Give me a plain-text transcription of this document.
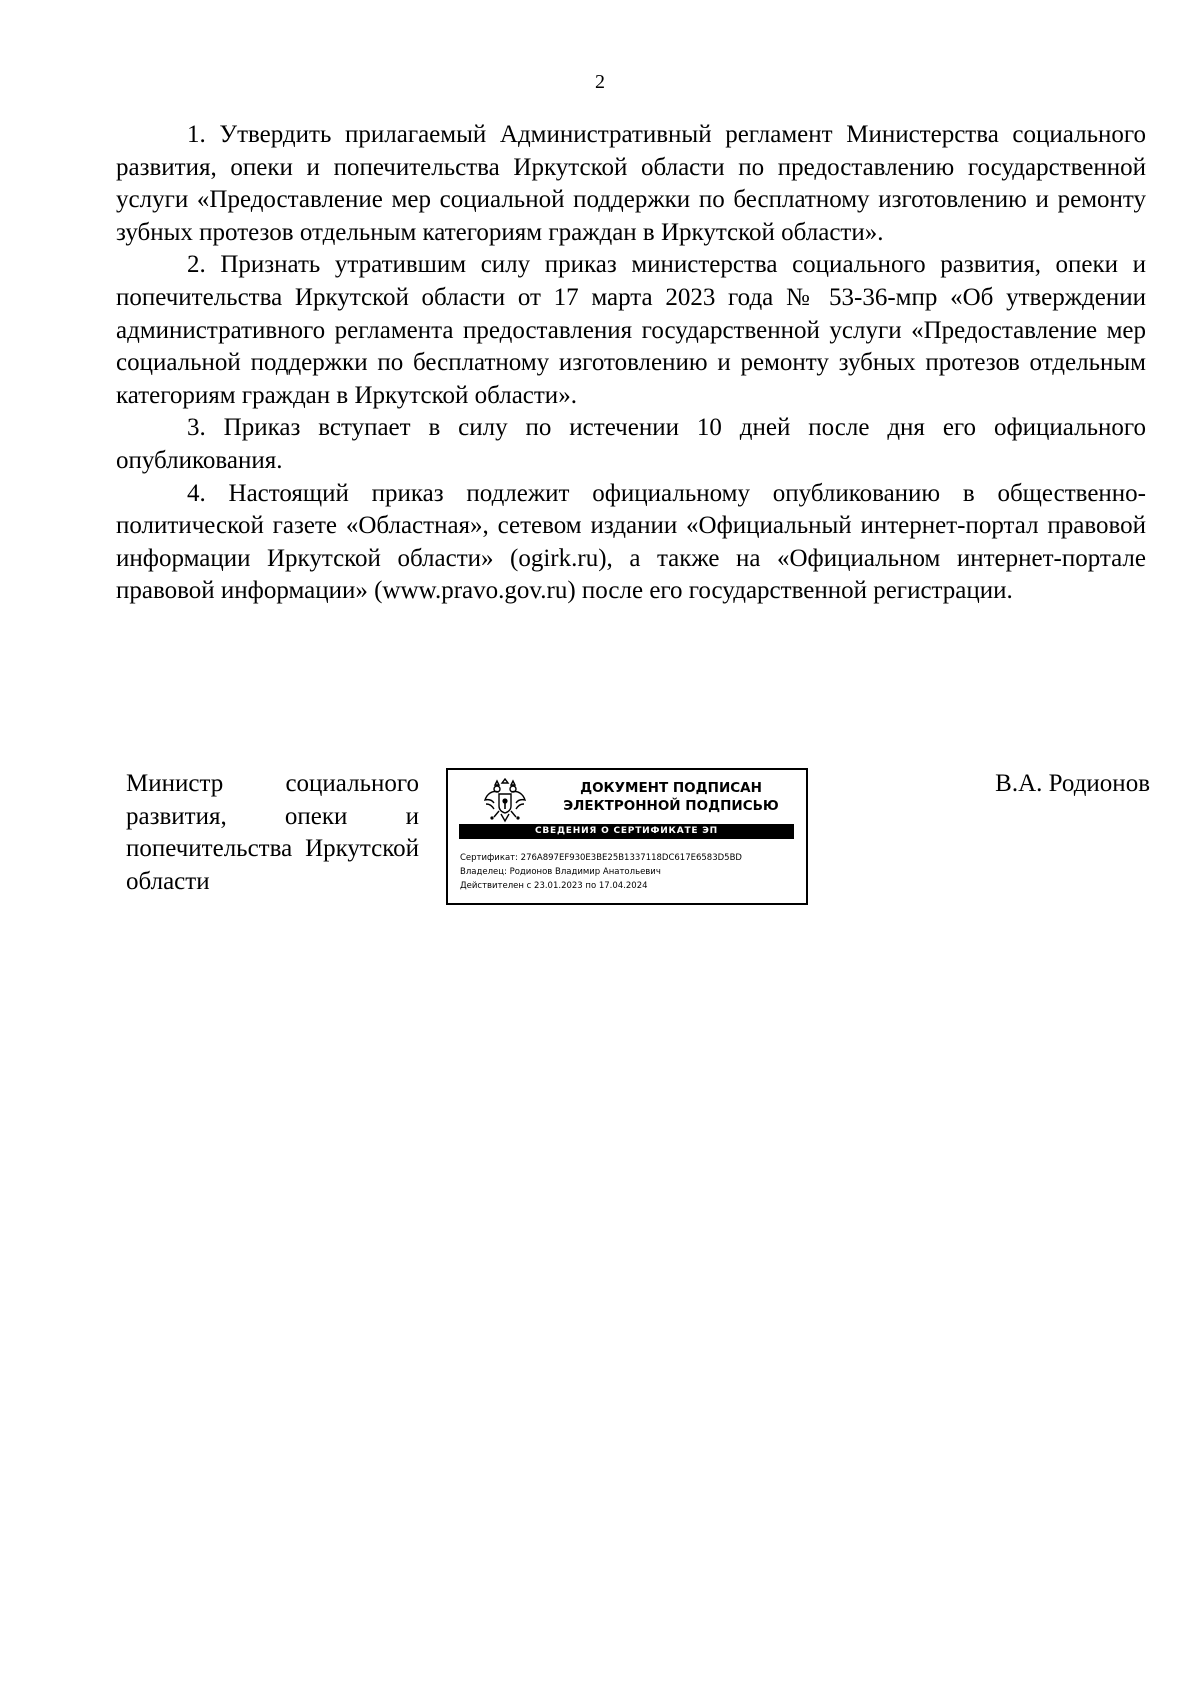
2

1. Утвердить прилагаемый Административный регламент Министерства социального развития, опеки и попечительства Иркутской области по предоставлению государственной услуги «Предоставление мер социальной поддержки по бесплатному изготовлению и ремонту зубных протезов отдельным категориям граждан в Иркутской области».

2. Признать утратившим силу приказ министерства социального развития, опеки и попечительства Иркутской области от 17 марта 2023 года № 53-36-мпр «Об утверждении административного регламента предоставления государственной услуги «Предоставление мер социальной поддержки по бесплатному изготовлению и ремонту зубных протезов отдельным категориям граждан в Иркутской области».

3. Приказ вступает в силу по истечении 10 дней после дня его официального опубликования.

4. Настоящий приказ подлежит официальному опубликованию в общественно-политической газете «Областная», сетевом издании «Официальный интернет-портал правовой информации Иркутской области» (ogirk.ru), а также на «Официальном интернет-портале правовой информации» (www.pravo.gov.ru) после его государственной регистрации.

Министр социального развития, опеки и попечительства Иркутской области
ДОКУМЕНТ ПОДПИСАН
ЭЛЕКТРОННОЙ ПОДПИСЬЮ
СВЕДЕНИЯ О СЕРТИФИКАТЕ ЭП
Сертификат: 276A897EF930E3BE25B1337118DC617E6583D5BD
Владелец: Родионов Владимир Анатольевич
Действителен с 23.01.2023 по 17.04.2024
В.А. Родионов
